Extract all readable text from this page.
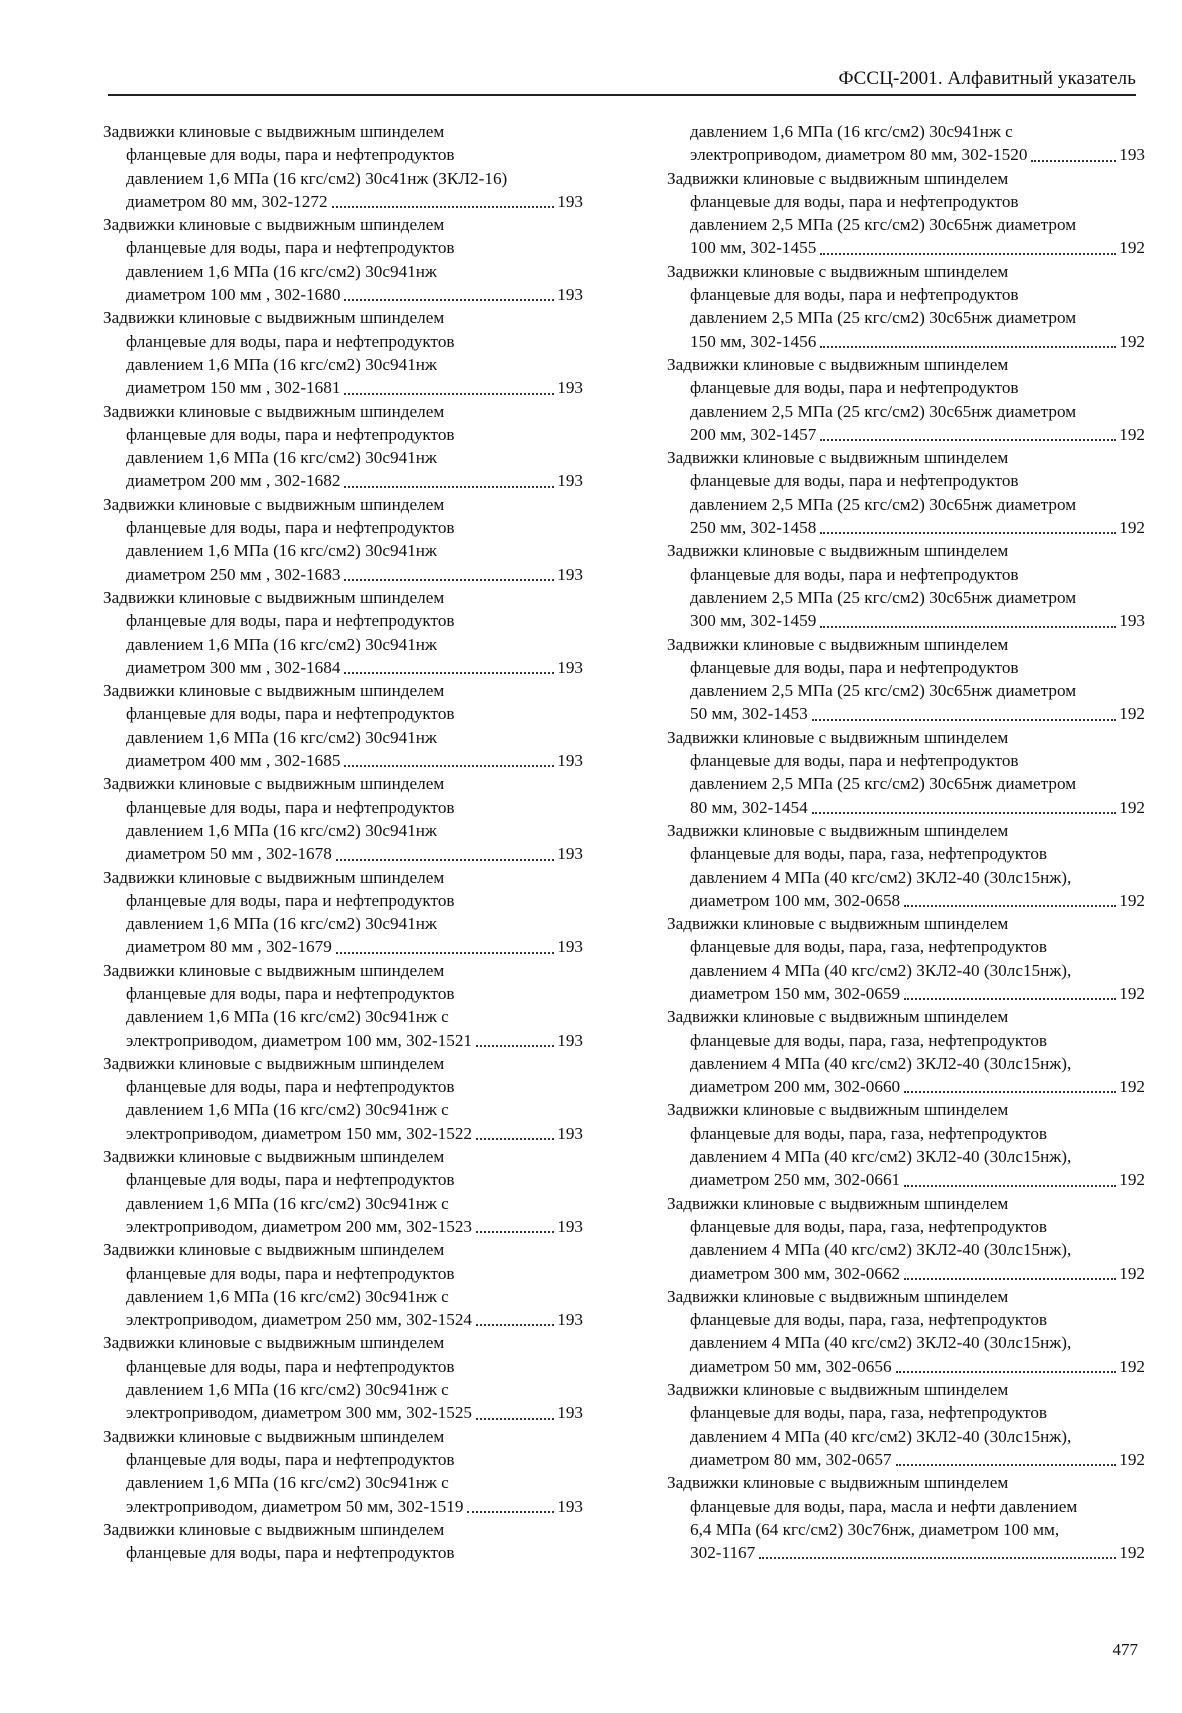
ФССЦ-2001. Алфавитный указатель
Задвижки клиновые с выдвижным шпинделем
фланцевые для воды, пара и нефтепродуктов
давлением 1,6 МПа (16 кгс/см2) 30с41нж (ЗКЛ2-16)
диаметром 80 мм, 302-1272	193
Задвижки клиновые с выдвижным шпинделем
фланцевые для воды, пара и нефтепродуктов
давлением 1,6 МПа (16 кгс/см2) 30с941нж
диаметром 100 мм , 302-1680	193
Задвижки клиновые с выдвижным шпинделем
фланцевые для воды, пара и нефтепродуктов
давлением 1,6 МПа (16 кгс/см2) 30с941нж
диаметром 150 мм , 302-1681	193
Задвижки клиновые с выдвижным шпинделем
фланцевые для воды, пара и нефтепродуктов
давлением 1,6 МПа (16 кгс/см2) 30с941нж
диаметром 200 мм , 302-1682	193
Задвижки клиновые с выдвижным шпинделем
фланцевые для воды, пара и нефтепродуктов
давлением 1,6 МПа (16 кгс/см2) 30с941нж
диаметром 250 мм , 302-1683	193
Задвижки клиновые с выдвижным шпинделем
фланцевые для воды, пара и нефтепродуктов
давлением 1,6 МПа (16 кгс/см2) 30с941нж
диаметром 300 мм , 302-1684	193
Задвижки клиновые с выдвижным шпинделем
фланцевые для воды, пара и нефтепродуктов
давлением 1,6 МПа (16 кгс/см2) 30с941нж
диаметром 400 мм , 302-1685	193
Задвижки клиновые с выдвижным шпинделем
фланцевые для воды, пара и нефтепродуктов
давлением 1,6 МПа (16 кгс/см2) 30с941нж
диаметром 50 мм , 302-1678	193
Задвижки клиновые с выдвижным шпинделем
фланцевые для воды, пара и нефтепродуктов
давлением 1,6 МПа (16 кгс/см2) 30с941нж
диаметром 80 мм , 302-1679	193
Задвижки клиновые с выдвижным шпинделем
фланцевые для воды, пара и нефтепродуктов
давлением 1,6 МПа (16 кгс/см2) 30с941нж с
электроприводом, диаметром 100 мм, 302-1521	193
Задвижки клиновые с выдвижным шпинделем
фланцевые для воды, пара и нефтепродуктов
давлением 1,6 МПа (16 кгс/см2) 30с941нж с
электроприводом, диаметром 150 мм, 302-1522	193
Задвижки клиновые с выдвижным шпинделем
фланцевые для воды, пара и нефтепродуктов
давлением 1,6 МПа (16 кгс/см2) 30с941нж с
электроприводом, диаметром 200 мм, 302-1523	193
Задвижки клиновые с выдвижным шпинделем
фланцевые для воды, пара и нефтепродуктов
давлением 1,6 МПа (16 кгс/см2) 30с941нж с
электроприводом, диаметром 250 мм, 302-1524	193
Задвижки клиновые с выдвижным шпинделем
фланцевые для воды, пара и нефтепродуктов
давлением 1,6 МПа (16 кгс/см2) 30с941нж с
электроприводом, диаметром 300 мм, 302-1525	193
Задвижки клиновые с выдвижным шпинделем
фланцевые для воды, пара и нефтепродуктов
давлением 1,6 МПа (16 кгс/см2) 30с941нж с
электроприводом, диаметром 50 мм, 302-1519	193
Задвижки клиновые с выдвижным шпинделем
фланцевые для воды, пара и нефтепродуктов
давлением 1,6 МПа (16 кгс/см2) 30с941нж с
электроприводом, диаметром 80 мм, 302-1520	193
Задвижки клиновые с выдвижным шпинделем
фланцевые для воды, пара и нефтепродуктов
давлением 2,5 МПа (25 кгс/см2) 30с65нж диаметром
100 мм, 302-1455	192
Задвижки клиновые с выдвижным шпинделем
фланцевые для воды, пара и нефтепродуктов
давлением 2,5 МПа (25 кгс/см2) 30с65нж диаметром
150 мм, 302-1456	192
Задвижки клиновые с выдвижным шпинделем
фланцевые для воды, пара и нефтепродуктов
давлением 2,5 МПа (25 кгс/см2) 30с65нж диаметром
200 мм, 302-1457	192
Задвижки клиновые с выдвижным шпинделем
фланцевые для воды, пара и нефтепродуктов
давлением 2,5 МПа (25 кгс/см2) 30с65нж диаметром
250 мм, 302-1458	192
Задвижки клиновые с выдвижным шпинделем
фланцевые для воды, пара и нефтепродуктов
давлением 2,5 МПа (25 кгс/см2) 30с65нж диаметром
300 мм, 302-1459	193
Задвижки клиновые с выдвижным шпинделем
фланцевые для воды, пара и нефтепродуктов
давлением 2,5 МПа (25 кгс/см2) 30с65нж диаметром
50 мм, 302-1453	192
Задвижки клиновые с выдвижным шпинделем
фланцевые для воды, пара и нефтепродуктов
давлением 2,5 МПа (25 кгс/см2) 30с65нж диаметром
80 мм, 302-1454	192
Задвижки клиновые с выдвижным шпинделем
фланцевые для воды, пара, газа, нефтепродуктов
давлением 4 МПа (40 кгс/см2) ЗКЛ2-40 (30лс15нж),
диаметром 100 мм, 302-0658	192
Задвижки клиновые с выдвижным шпинделем
фланцевые для воды, пара, газа, нефтепродуктов
давлением 4 МПа (40 кгс/см2) ЗКЛ2-40 (30лс15нж),
диаметром 150 мм, 302-0659	192
Задвижки клиновые с выдвижным шпинделем
фланцевые для воды, пара, газа, нефтепродуктов
давлением 4 МПа (40 кгс/см2) ЗКЛ2-40 (30лс15нж),
диаметром 200 мм, 302-0660	192
Задвижки клиновые с выдвижным шпинделем
фланцевые для воды, пара, газа, нефтепродуктов
давлением 4 МПа (40 кгс/см2) ЗКЛ2-40 (30лс15нж),
диаметром 250 мм, 302-0661	192
Задвижки клиновые с выдвижным шпинделем
фланцевые для воды, пара, газа, нефтепродуктов
давлением 4 МПа (40 кгс/см2) ЗКЛ2-40 (30лс15нж),
диаметром 300 мм, 302-0662	192
Задвижки клиновые с выдвижным шпинделем
фланцевые для воды, пара, газа, нефтепродуктов
давлением 4 МПа (40 кгс/см2) ЗКЛ2-40 (30лс15нж),
диаметром 50 мм, 302-0656	192
Задвижки клиновые с выдвижным шпинделем
фланцевые для воды, пара, газа, нефтепродуктов
давлением 4 МПа (40 кгс/см2) ЗКЛ2-40 (30лс15нж),
диаметром 80 мм, 302-0657	192
Задвижки клиновые с выдвижным шпинделем
фланцевые для воды, пара, масла и нефти давлением
6,4 МПа (64 кгс/см2) 30с76нж, диаметром 100 мм,
302-1167	192
477
